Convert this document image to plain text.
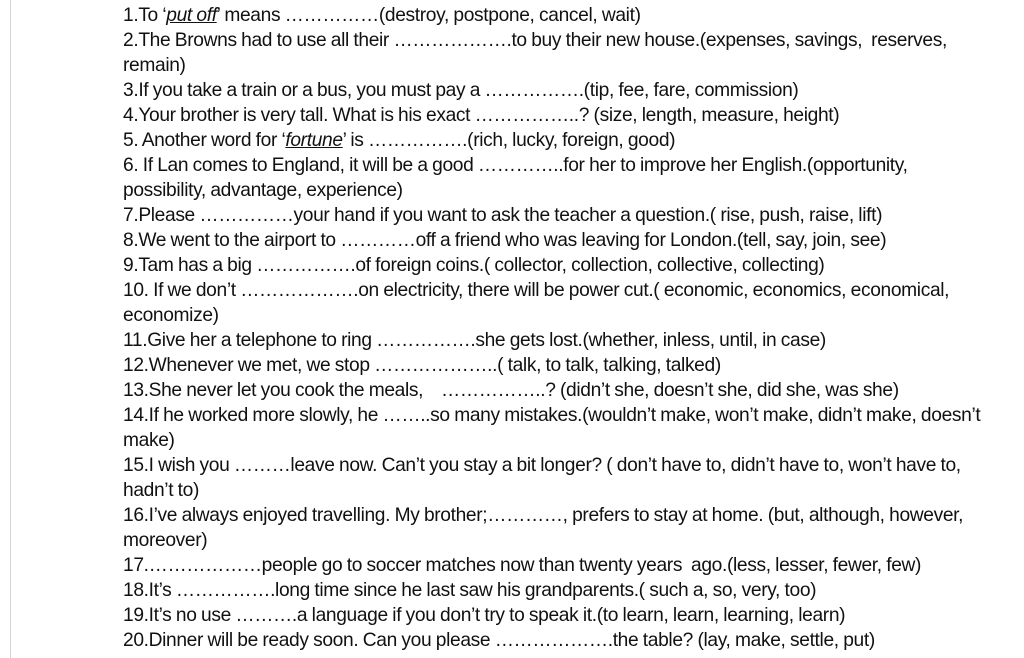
1.To ‘put off’ means ……………(destroy, postpone, cancel, wait)
2.The Browns had to use all their ……………….to buy their new house.(expenses, savings,  reserves, remain)
3.If you take a train or a bus, you must pay a …………….(tip, fee, fare, commission)
4.Your brother is very tall. What is his exact ……………..? (size, length, measure, height)
5. Another word for ‘fortune’ is …………….(rich, lucky, foreign, good)
6. If Lan comes to England, it will be a good …………..for her to improve her English.(opportunity, possibility, advantage, experience)
7.Please ……………your hand if you want to ask the teacher a question.( rise, push, raise, lift)
8.We went to the airport to …………off a friend who was leaving for London.(tell, say, join, see)
9.Tam has a big …………….of foreign coins.( collector, collection, collective, collecting)
10. If we don’t ……………….on electricity, there will be power cut.( economic, economics, economical, economize)
11.Give her a telephone to ring …………….she gets lost.(whether, inless, until, in case)
12.Whenever we met, we stop ………………..( talk, to talk, talking, talked)
13.She never let you cook the meals,    ……………..? (didn’t she, doesn’t she, did she, was she)
14.If he worked more slowly, he ……..so many mistakes.(wouldn’t make, won’t make, didn’t make, doesn’t make)
15.I wish you ………leave now. Can’t you stay a bit longer? ( don’t have to, didn’t have to, won’t have to, hadn’t to)
16.I’ve always enjoyed travelling. My brother;…………, prefers to stay at home. (but, although, however, moreover)
17.………………people go to soccer matches now than twenty years  ago.(less, lesser, fewer, few)
18.It’s …………….long time since he last saw his grandparents.( such a, so, very, too)
19.It’s no use ……….a language if you don’t try to speak it.(to learn, learn, learning, learn)
20.Dinner will be ready soon. Can you please ……………….the table? (lay, make, settle, put)
